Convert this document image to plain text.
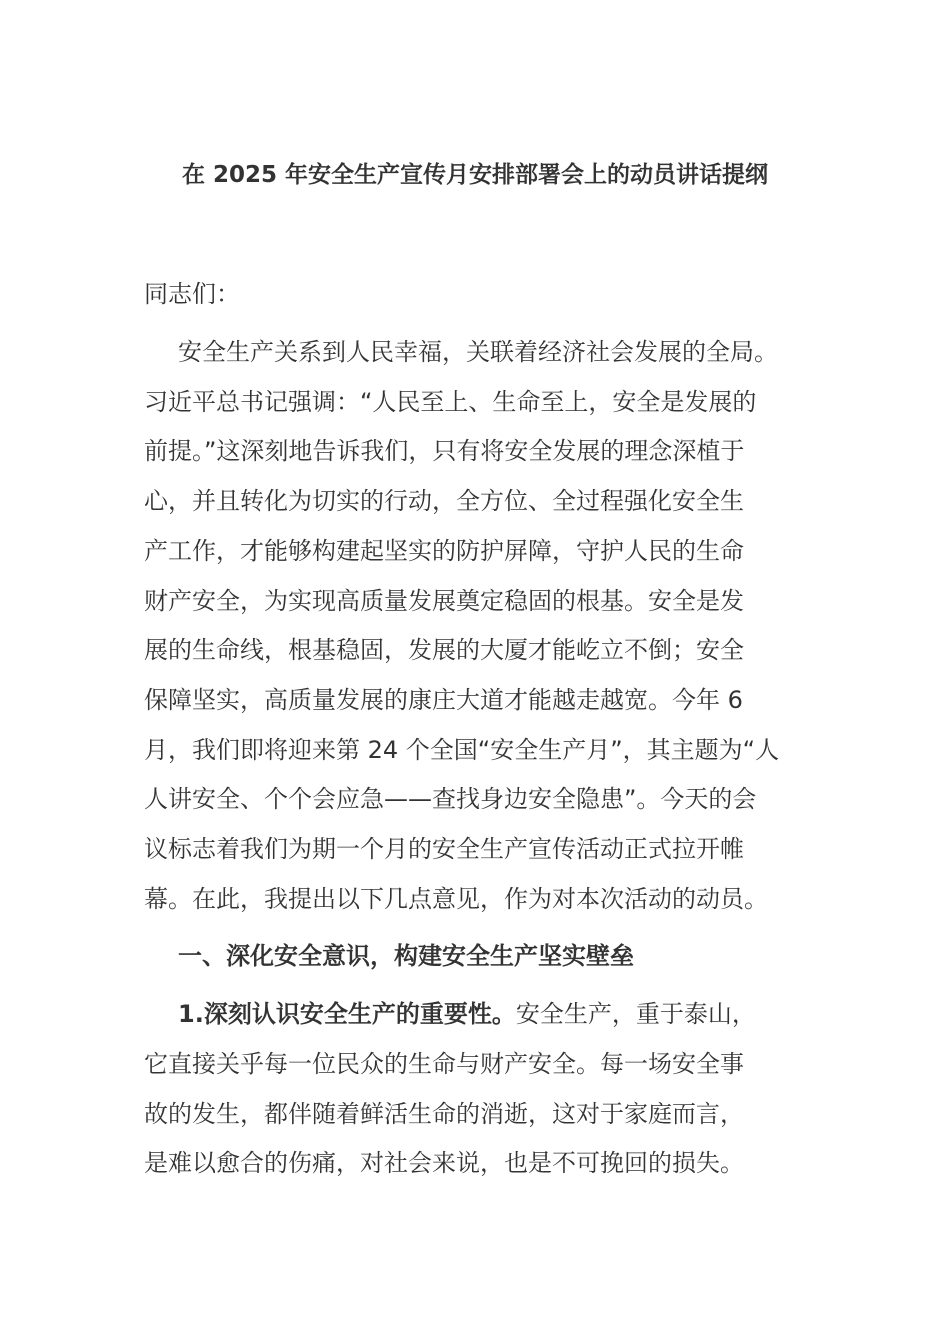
在 2025 年安全生产宣传月安排部署会上的动员讲话提纲

同志们：

安全生产关系到人民幸福，关联着经济社会发展的全局。

习近平总书记强调：“人民至上、生命至上，安全是发展的

前提。”这深刻地告诉我们，只有将安全发展的理念深植于

心，并且转化为切实的行动，全方位、全过程强化安全生

产工作，才能够构建起坚实的防护屏障，守护人民的生命

财产安全，为实现高质量发展奠定稳固的根基。安全是发

展的生命线，根基稳固，发展的大厦才能屹立不倒；安全

保障坚实，高质量发展的康庄大道才能越走越宽。今年 6

月，我们即将迎来第 24 个全国“安全生产月”，其主题为“人

人讲安全、个个会应急——查找身边安全隐患”。今天的会

议标志着我们为期一个月的安全生产宣传活动正式拉开帷

幕。在此，我提出以下几点意见，作为对本次活动的动员。

一、深化安全意识，构建安全生产坚实壁垒

1.深刻认识安全生产的重要性。安全生产，重于泰山，

它直接关乎每一位民众的生命与财产安全。每一场安全事

故的发生，都伴随着鲜活生命的消逝，这对于家庭而言，

是难以愈合的伤痛，对社会来说，也是不可挽回的损失。
